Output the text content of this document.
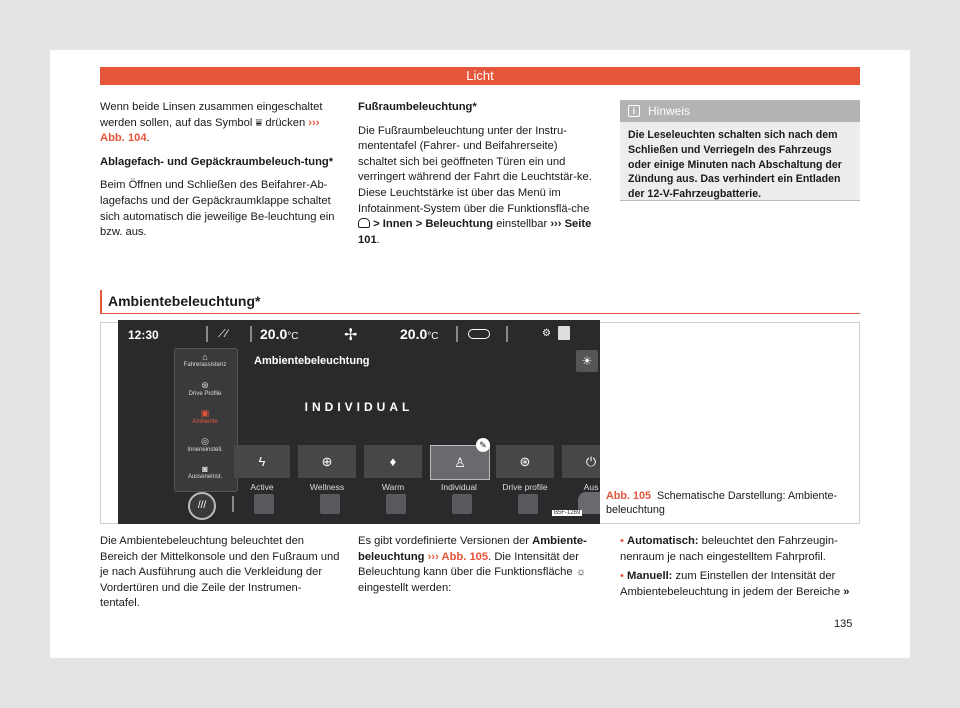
Licht

Wenn beide Linsen zusammen eingeschaltet werden sollen, auf das Symbol ⩸ drücken ››› Abb. 104.

Ablagefach- und Gepäckraumbeleuch-tung*

Beim Öffnen und Schließen des Beifahrer-Ab-lagefachs und der Gepäckraumklappe schaltet sich automatisch die jeweilige Be-leuchtung ein bzw. aus.

Fußraumbeleuchtung*

Die Fußraumbeleuchtung unter der Instru-mententafel (Fahrer- und Beifahrerseite) schaltet sich bei geöffneten Türen ein und verringert während der Fahrt die Leuchtstär-ke. Diese Leuchtstärke ist über das Menü im Infotainment-System über die Funktionsflä-che  > Innen > Beleuchtung einstellbar ››› Seite 101.

i	Hinweis
Die Leseleuchten schalten sich nach dem Schließen und Verriegeln des Fahrzeugs oder einige Minuten nach Abschaltung der Zündung aus. Das verhindert ein Entladen der 12-V-Fahrzeugbatterie.
Ambientebeleuchtung*
12:30	⟋⁄ 20.0°C	✢	20.0°C	⚙
⌂
Fahrerassistenz
⊛
Drive Profile
▣
Ambiente
◎
Inneneinstell.
◙
Ausseneinst.
Ambientebeleuchtung	☀
INDIVIDUAL
ϟ	⊕	♦	♙
✎
⊛	⏻
Active	Wellness	Warm	Individual	Drive profile	Aus
///
B5F-1269
Abb. 105 Schematische Darstellung: Ambiente-beleuchtung
Die Ambientebeleuchtung beleuchtet den Bereich der Mittelkonsole und den Fußraum und je nach Ausführung auch die Verkleidung der Vordertüren und die Zeile der Instrumen-tentafel.
Es gibt vordefinierte Versionen der Ambiente-beleuchtung ››› Abb. 105. Die Intensität der Beleuchtung kann über die Funktionsfläche ☼ eingestellt werden:
• Automatisch: beleuchtet den Fahrzeugin-nenraum je nach eingestelltem Fahrprofil.
• Manuell: zum Einstellen der Intensität der Ambientebeleuchtung in jedem der Bereiche »
135
